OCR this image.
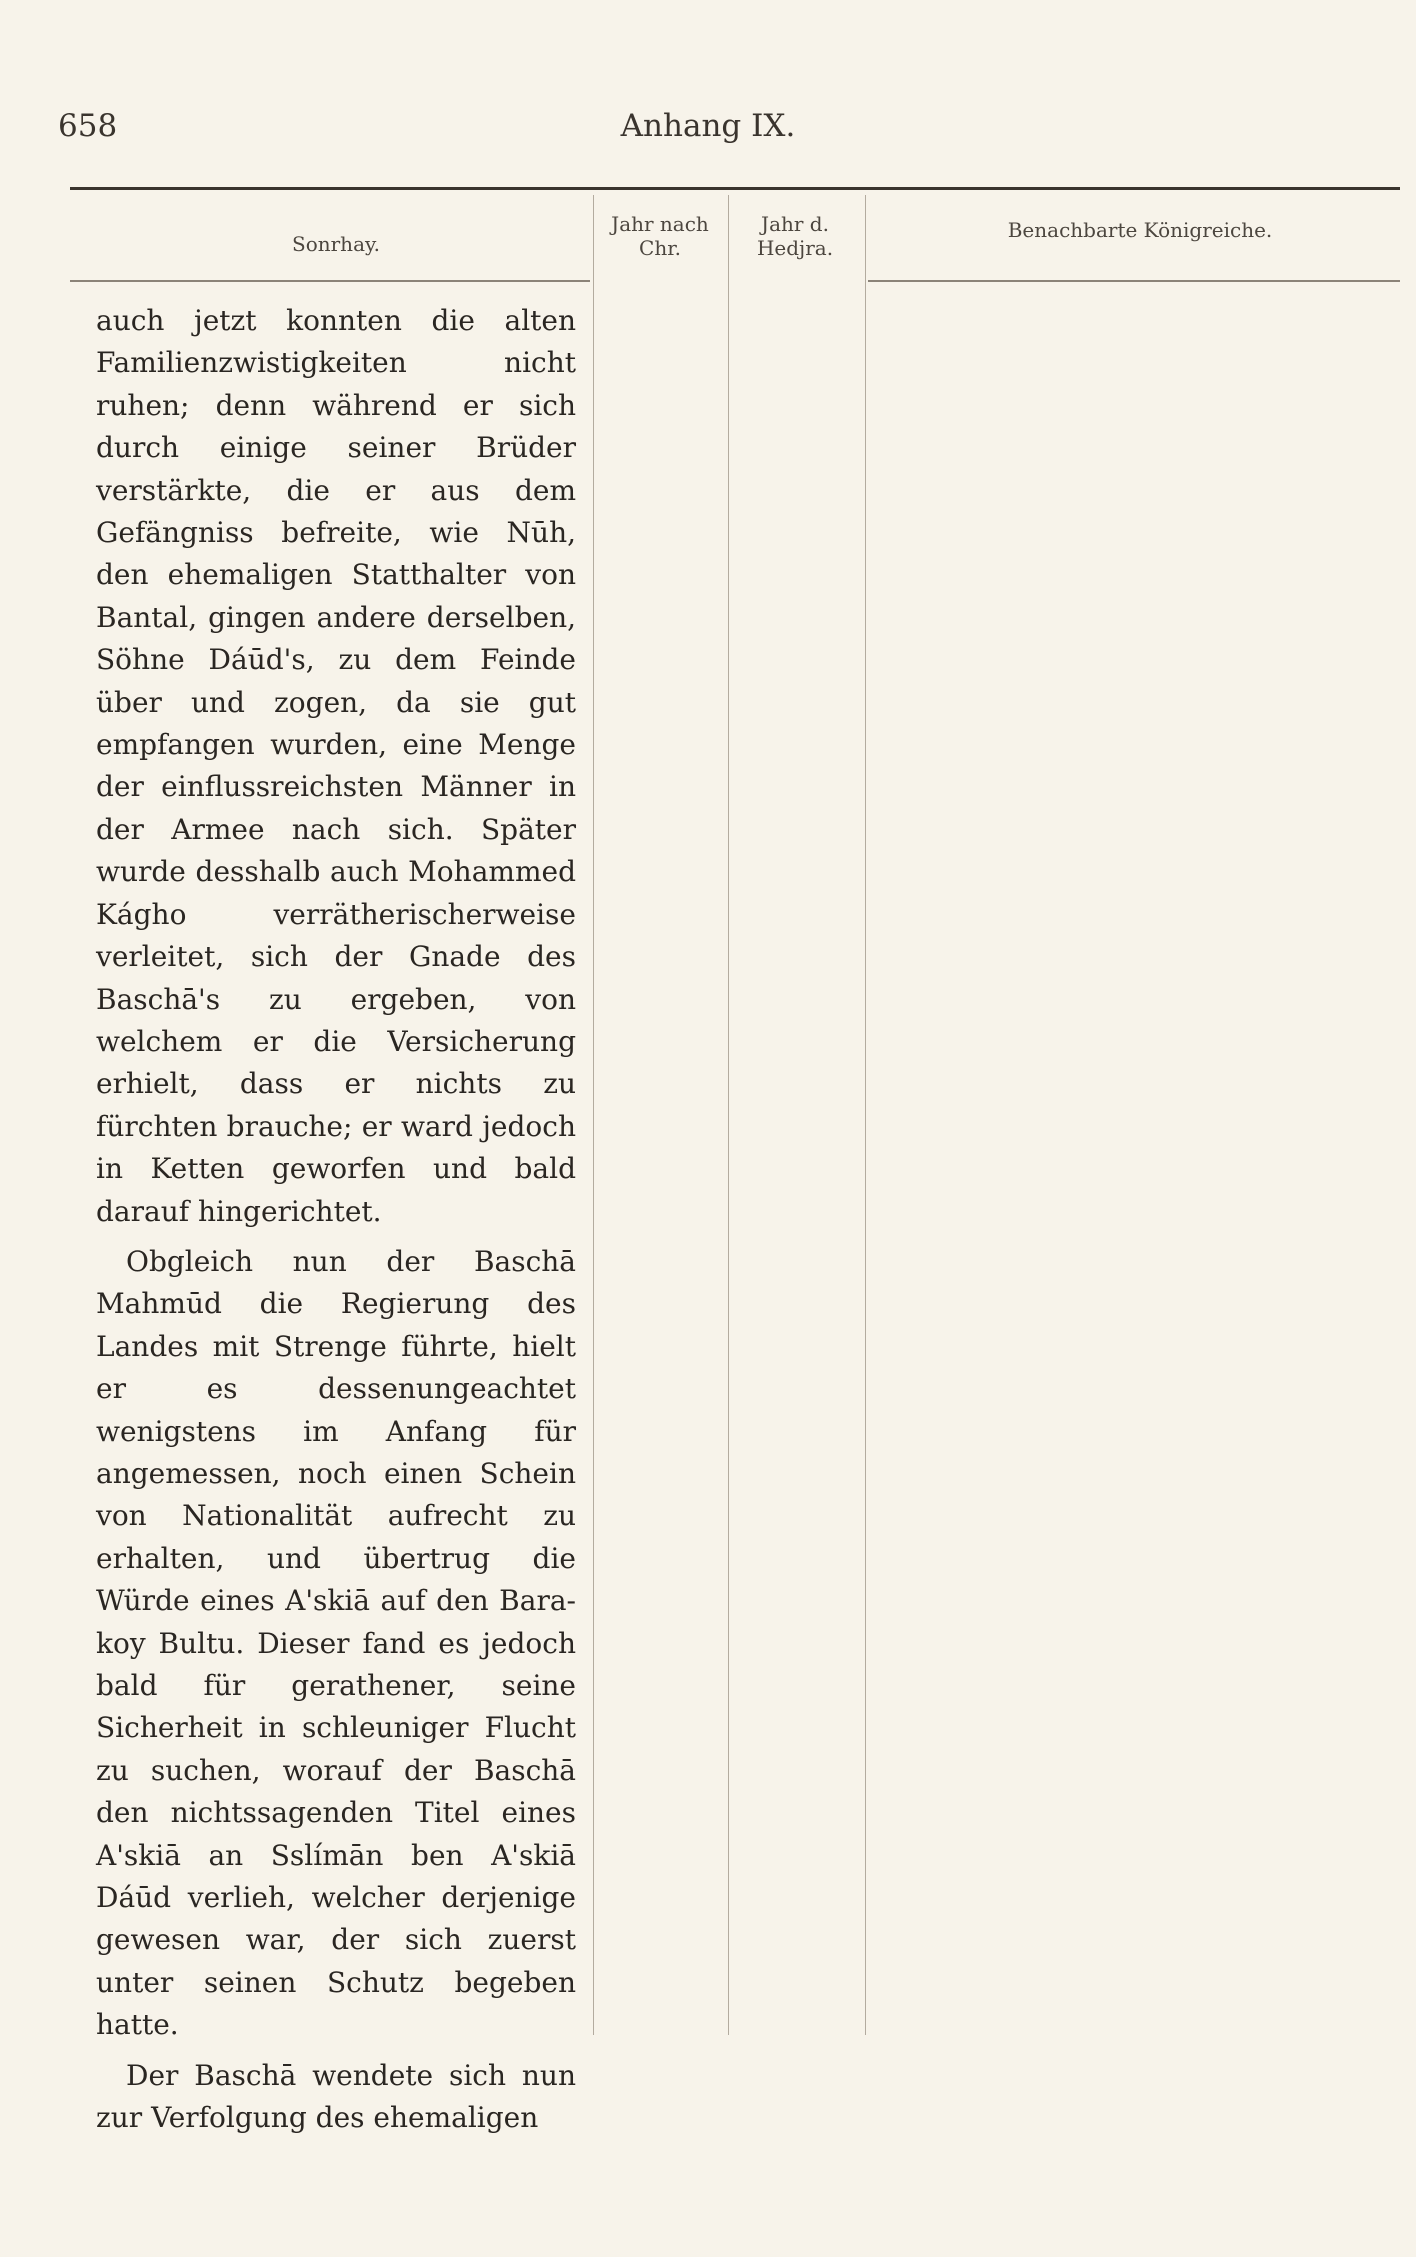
658	Anhang IX.
Sonrhay.
Jahr nach Chr.
Jahr d. Hedjra.
Benachbarte Königreiche.

auch jetzt konnten die alten Familienzwistigkeiten nicht ruhen; denn während er sich durch einige seiner Brüder verstärkte, die er aus dem Gefängniss befreite, wie Nūh, den ehemaligen Statthalter von Bantal, gingen andere derselben, Söhne Dáūd's, zu dem Feinde über und zogen, da sie gut empfangen wurden, eine Menge der einflussreichsten Männer in der Armee nach sich. Später wurde desshalb auch Mohammed Kágho verrätherischerweise verleitet, sich der Gnade des Baschā's zu ergeben, von welchem er die Versicherung erhielt, dass er nichts zu fürchten brauche; er ward jedoch in Ketten geworfen und bald darauf hingerichtet.

Obgleich nun der Baschā Mahmūd die Regierung des Landes mit Strenge führte, hielt er es dessenungeachtet wenigstens im Anfang für angemessen, noch einen Schein von Nationalität aufrecht zu erhalten, und übertrug die Würde eines A'skiā auf den Bara-koy Bultu. Dieser fand es jedoch bald für gerathener, seine Sicherheit in schleuniger Flucht zu suchen, worauf der Baschā den nichtssagenden Titel eines A'skiā an Sslímān ben A'skiā Dáūd verlieh, welcher derjenige gewesen war, der sich zuerst unter seinen Schutz begeben hatte.

Der Baschā wendete sich nun zur Verfolgung des ehemaligen
